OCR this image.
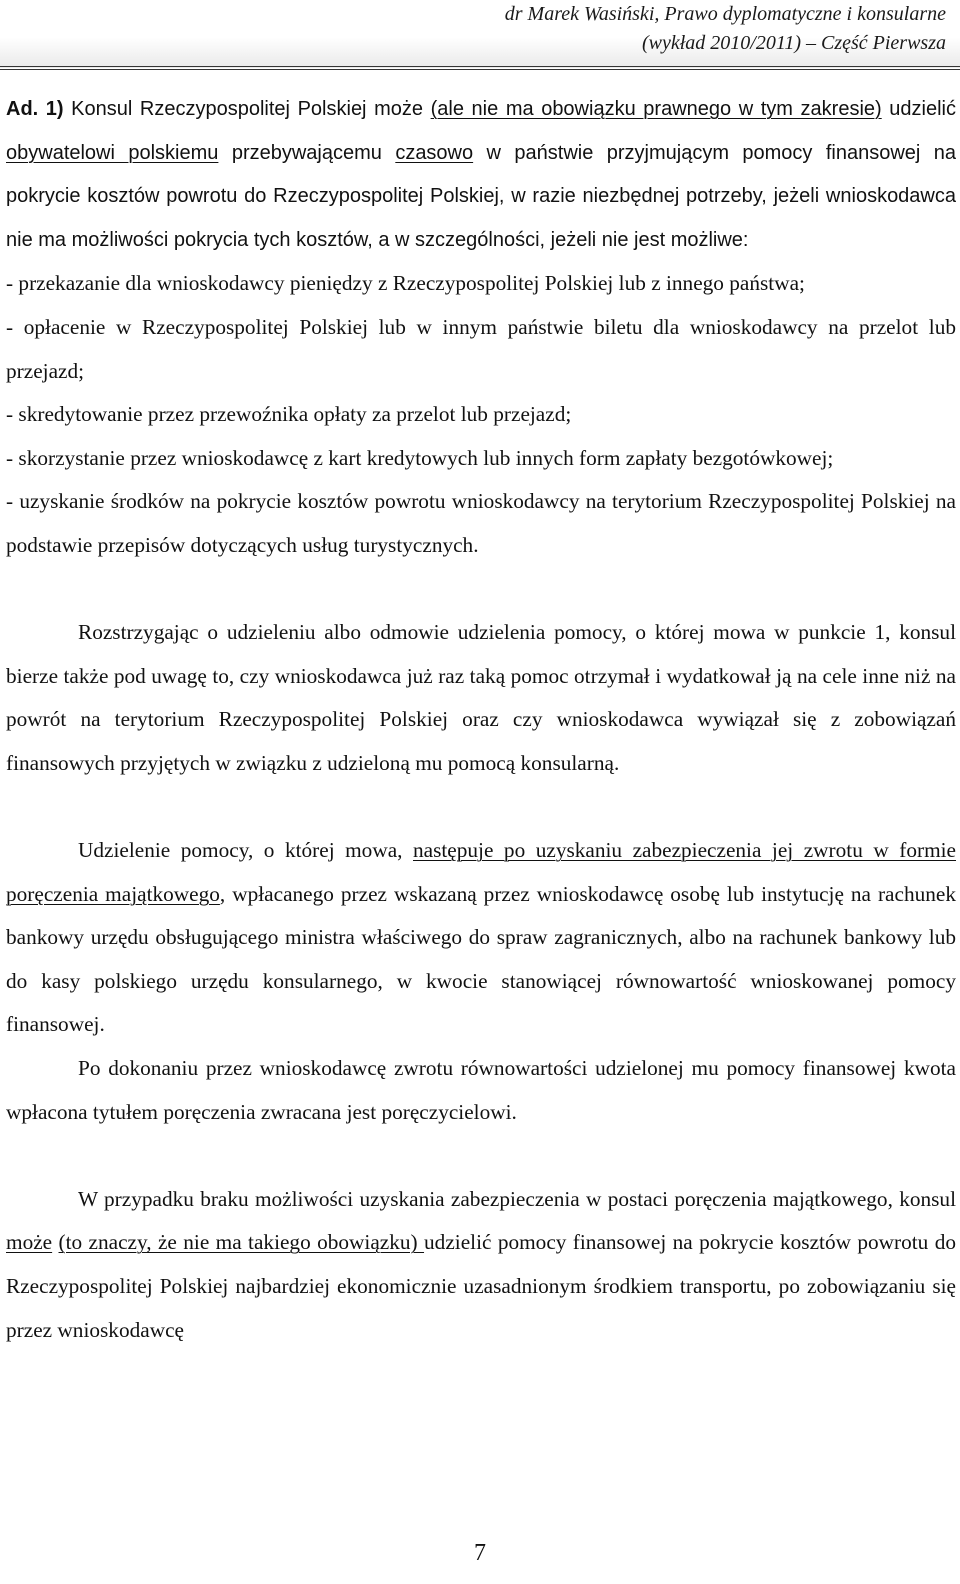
dr Marek Wasiński, Prawo dyplomatyczne i konsularne
(wykład 2010/2011) – Część Pierwsza

Ad. 1) Konsul Rzeczypospolitej Polskiej może (ale nie ma obowiązku prawnego w tym zakresie) udzielić obywatelowi polskiemu przebywającemu czasowo w państwie przyjmującym pomocy finansowej na pokrycie kosztów powrotu do Rzeczypospolitej Polskiej, w razie niezbędnej potrzeby, jeżeli wnioskodawca nie ma możliwości pokrycia tych kosztów, a w szczególności, jeżeli nie jest możliwe:

- przekazanie dla wnioskodawcy pieniędzy z Rzeczypospolitej Polskiej lub z innego państwa;

- opłacenie w Rzeczypospolitej Polskiej lub w innym państwie biletu dla wnioskodawcy na przelot lub przejazd;

- skredytowanie przez przewoźnika opłaty za przelot lub przejazd;

- skorzystanie przez wnioskodawcę z kart kredytowych lub innych form zapłaty bezgotówkowej;

- uzyskanie środków na pokrycie kosztów powrotu wnioskodawcy na terytorium Rzeczypospolitej Polskiej na podstawie przepisów dotyczących usług turystycznych.

Rozstrzygając o udzieleniu albo odmowie udzielenia pomocy, o której mowa w punkcie 1, konsul bierze także pod uwagę to, czy wnioskodawca już raz taką pomoc otrzymał i wydatkował ją na cele inne niż na powrót na terytorium Rzeczypospolitej Polskiej oraz czy wnioskodawca wywiązał się z zobowiązań finansowych przyjętych w związku z udzieloną mu pomocą konsularną.

Udzielenie pomocy, o której mowa, następuje po uzyskaniu zabezpieczenia jej zwrotu w formie poręczenia majątkowego, wpłacanego przez wskazaną przez wnioskodawcę osobę lub instytucję na rachunek bankowy urzędu obsługującego ministra właściwego do spraw zagranicznych, albo na rachunek bankowy lub do kasy polskiego urzędu konsularnego, w kwocie stanowiącej równowartość wnioskowanej pomocy finansowej.

Po dokonaniu przez wnioskodawcę zwrotu równowartości udzielonej mu pomocy finansowej kwota wpłacona tytułem poręczenia zwracana jest poręczycielowi.

W przypadku braku możliwości uzyskania zabezpieczenia w postaci poręczenia majątkowego, konsul może (to znaczy, że nie ma takiego obowiązku) udzielić pomocy finansowej na pokrycie kosztów powrotu do Rzeczypospolitej Polskiej najbardziej ekonomicznie uzasadnionym środkiem transportu, po zobowiązaniu się przez wnioskodawcę

7
